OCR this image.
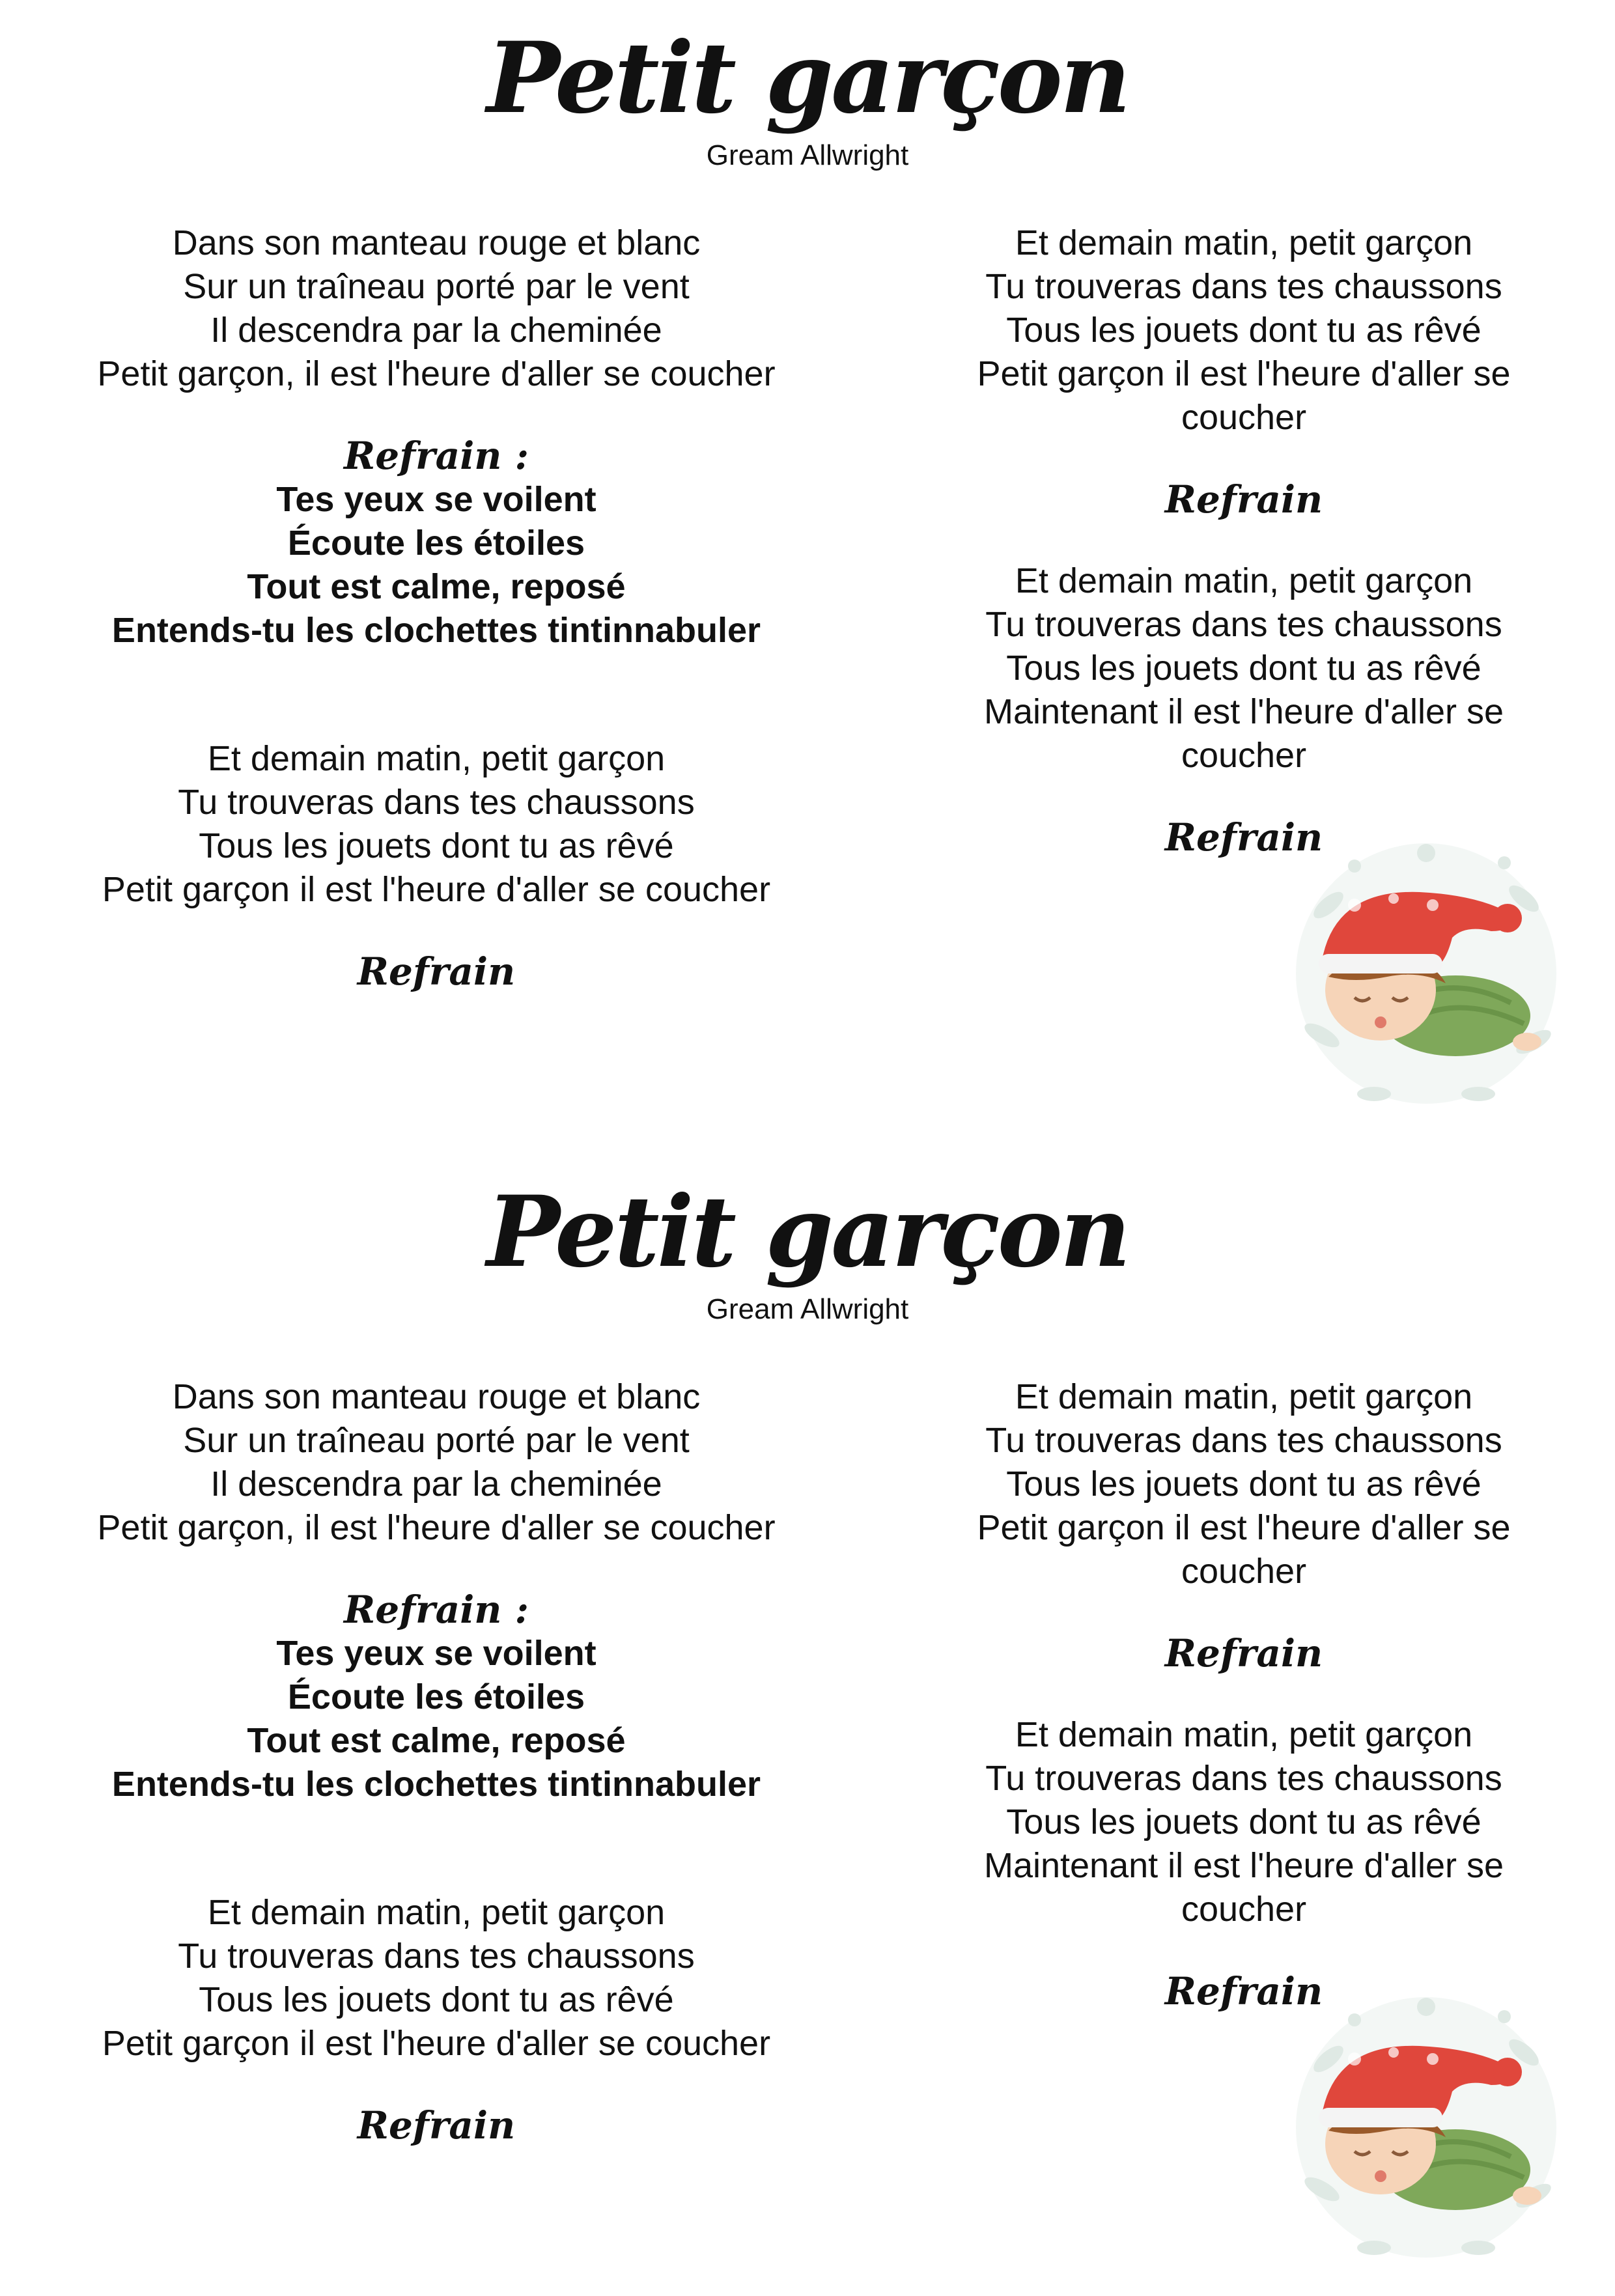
Petit garçon
Gream Allwright

Dans son manteau rouge et blanc

Sur un traîneau porté par le vent

Il descendra par la cheminée

Petit garçon, il est l'heure d'aller se coucher

Refrain :

Tes yeux se voilent

Écoute les étoiles

Tout est calme, reposé

Entends-tu les clochettes tintinnabuler

Et demain matin, petit garçon

Tu trouveras dans tes chaussons

Tous les jouets dont tu as rêvé

Petit garçon il est l'heure d'aller se coucher

Refrain

Et demain matin, petit garçon

Tu trouveras dans tes chaussons

Tous les jouets dont tu as rêvé

Petit garçon il est l'heure d'aller se

coucher

Refrain

Et demain matin, petit garçon

Tu trouveras dans tes chaussons

Tous les jouets dont tu as rêvé

Maintenant il est l'heure d'aller se

coucher

Refrain

Petit garçon
Gream Allwright

Dans son manteau rouge et blanc

Sur un traîneau porté par le vent

Il descendra par la cheminée

Petit garçon, il est l'heure d'aller se coucher

Refrain :

Tes yeux se voilent

Écoute les étoiles

Tout est calme, reposé

Entends-tu les clochettes tintinnabuler

Et demain matin, petit garçon

Tu trouveras dans tes chaussons

Tous les jouets dont tu as rêvé

Petit garçon il est l'heure d'aller se coucher

Refrain

Et demain matin, petit garçon

Tu trouveras dans tes chaussons

Tous les jouets dont tu as rêvé

Petit garçon il est l'heure d'aller se

coucher

Refrain

Et demain matin, petit garçon

Tu trouveras dans tes chaussons

Tous les jouets dont tu as rêvé

Maintenant il est l'heure d'aller se

coucher

Refrain
